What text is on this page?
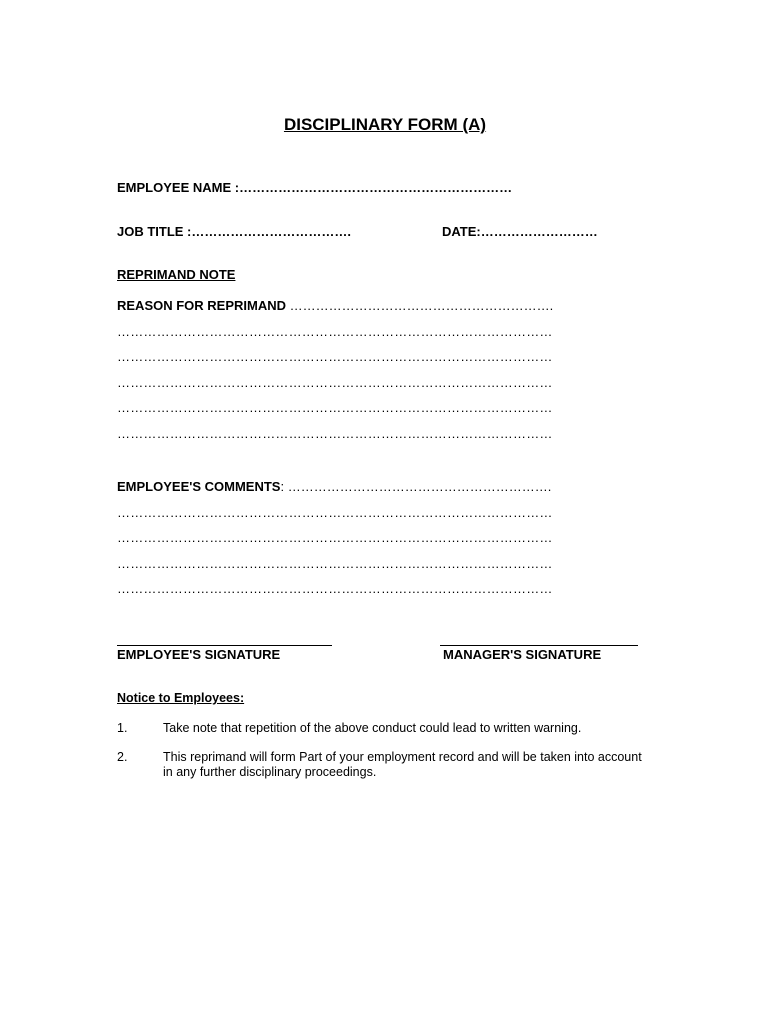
DISCIPLINARY FORM (A)
EMPLOYEE NAME :………………………………………………………
JOB TITLE :……………………………….	DATE:………………………
REPRIMAND NOTE
REASON FOR REPRIMAND …………………………………………………….
………………………………………………………………………………………
………………………………………………………………………………………
………………………………………………………………………………………
………………………………………………………………………………………
………………………………………………………………………………………
EMPLOYEE'S COMMENTS: …………………………………………………….
………………………………………………………………………………………
………………………………………………………………………………………
………………………………………………………………………………………
………………………………………………………………………………………
EMPLOYEE'S SIGNATURE	MANAGER'S SIGNATURE
Notice to Employees:
1.	Take note that repetition of the above conduct could lead to written warning.
2.	This reprimand will form Part of your employment record and will be taken into account in any further disciplinary proceedings.
